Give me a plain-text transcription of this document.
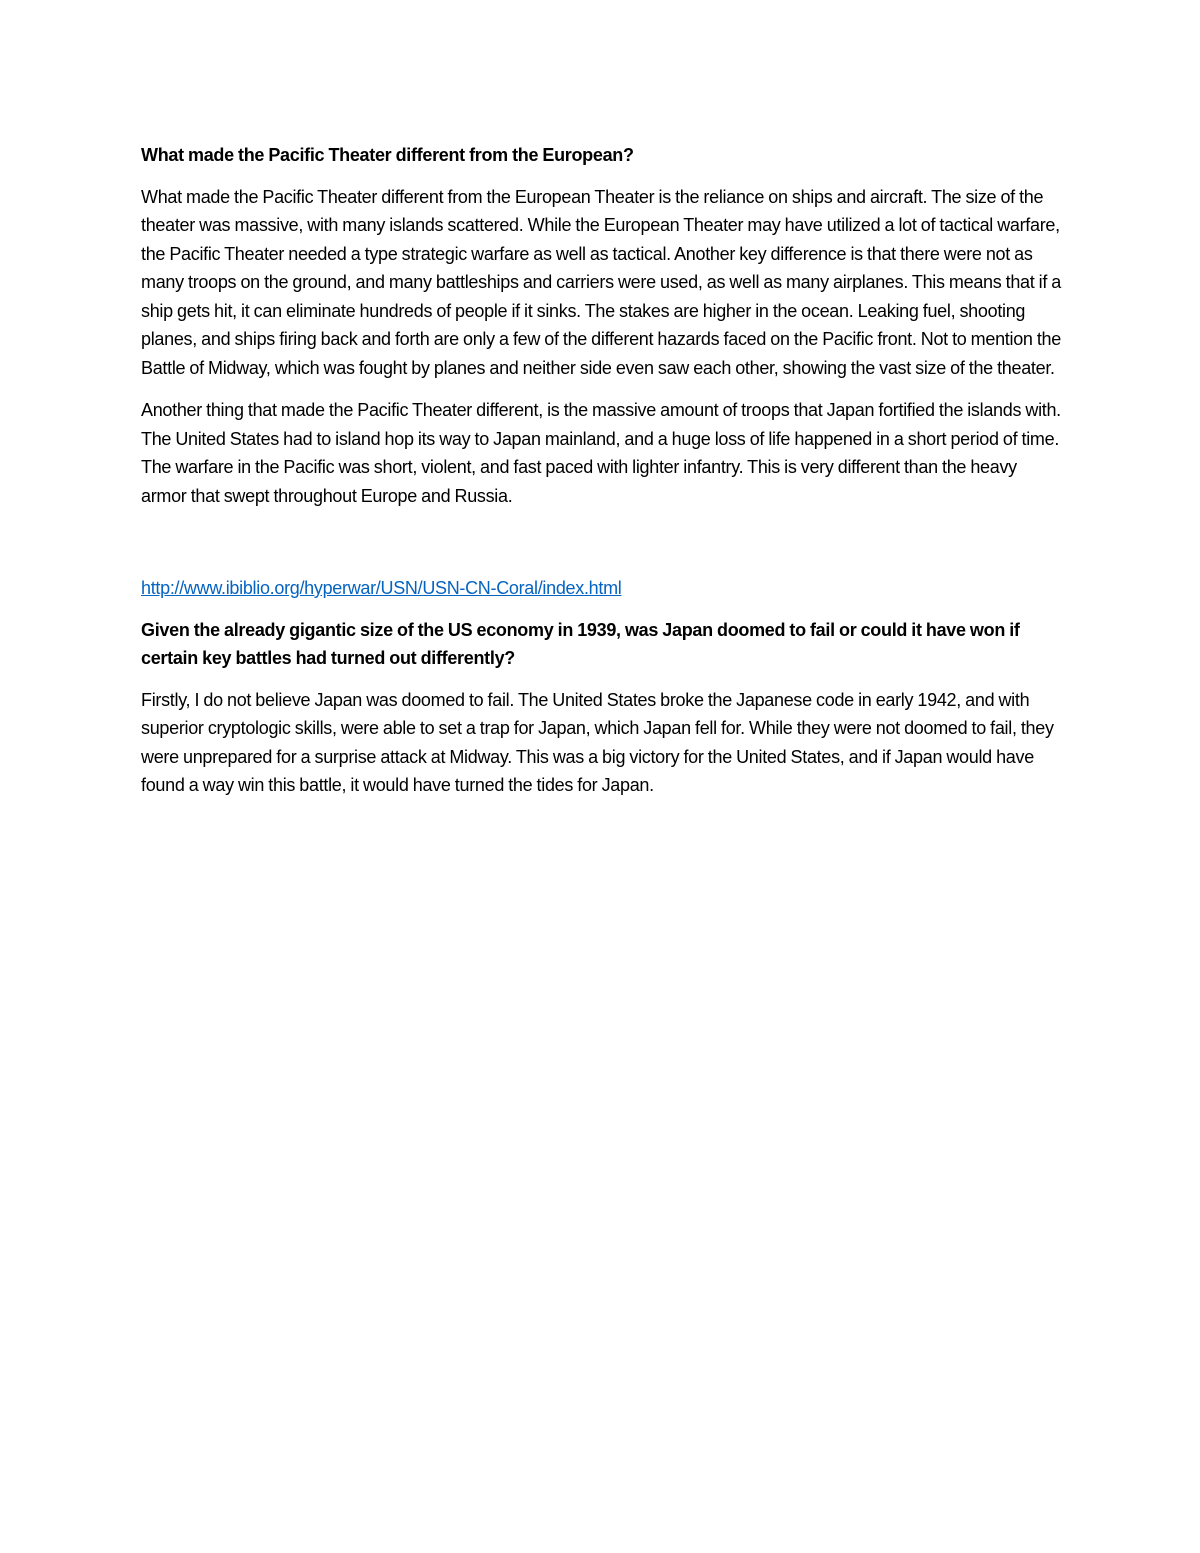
What made the Pacific Theater different from the European?

What made the Pacific Theater different from the European Theater is the reliance on ships and aircraft. The size of the theater was massive, with many islands scattered. While the European Theater may have utilized a lot of tactical warfare, the Pacific Theater needed a type strategic warfare as well as tactical. Another key difference is that there were not as many troops on the ground, and many battleships and carriers were used, as well as many airplanes. This means that if a ship gets hit, it can eliminate hundreds of people if it sinks. The stakes are higher in the ocean. Leaking fuel, shooting planes, and ships firing back and forth are only a few of the different hazards faced on the Pacific front. Not to mention the Battle of Midway, which was fought by planes and neither side even saw each other, showing the vast size of the theater.

Another thing that made the Pacific Theater different, is the massive amount of troops that Japan fortified the islands with. The United States had to island hop its way to Japan mainland, and a huge loss of life happened in a short period of time. The warfare in the Pacific was short, violent, and fast paced with lighter infantry. This is very different than the heavy armor that swept throughout Europe and Russia.

http://www.ibiblio.org/hyperwar/USN/USN-CN-Coral/index.html

Given the already gigantic size of the US economy in 1939, was Japan doomed to fail or could it have won if certain key battles had turned out differently?

Firstly, I do not believe Japan was doomed to fail. The United States broke the Japanese code in early 1942, and with superior cryptologic skills, were able to set a trap for Japan, which Japan fell for. While they were not doomed to fail, they were unprepared for a surprise attack at Midway. This was a big victory for the United States, and if Japan would have found a way win this battle, it would have turned the tides for Japan.
